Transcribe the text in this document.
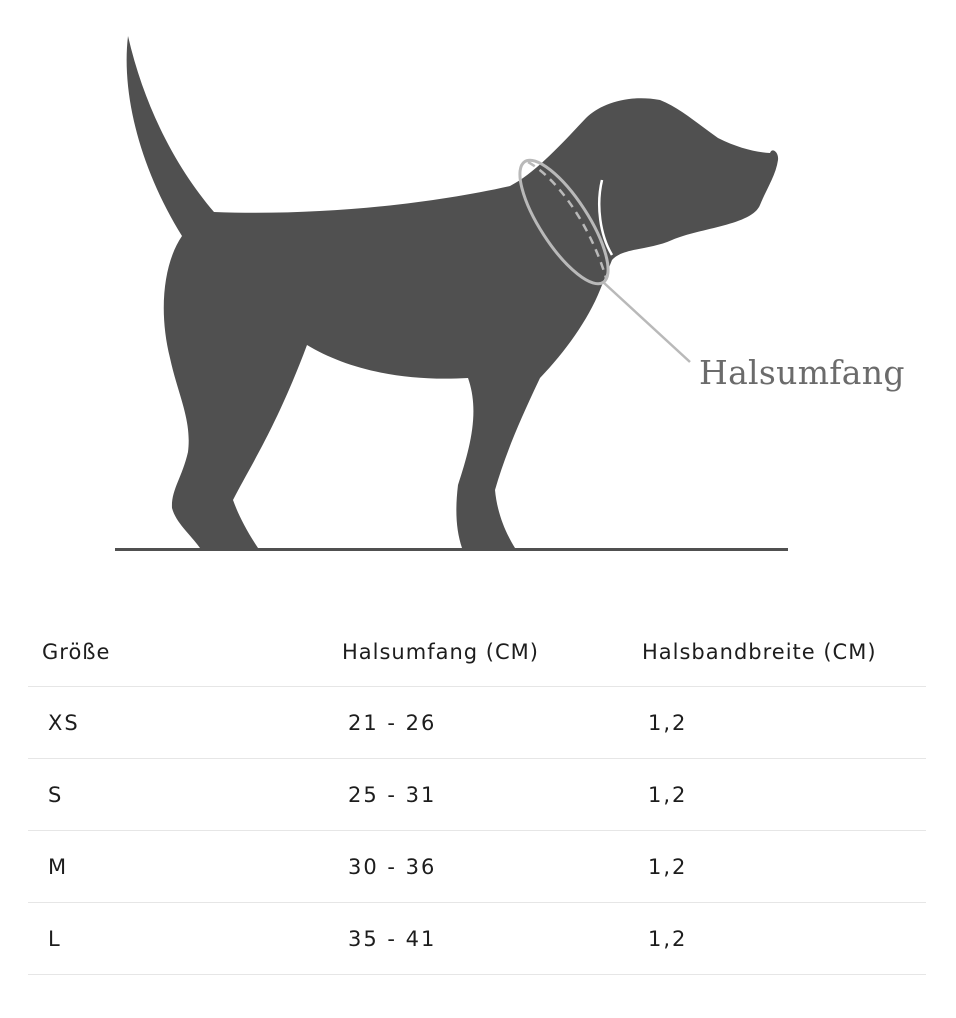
Halsumfang
Größe	Halsumfang (CM)	Halsbandbreite (CM)
XS	21 - 26	1,2
S	25 - 31	1,2
M	30 - 36	1,2
L	35 - 41	1,2
